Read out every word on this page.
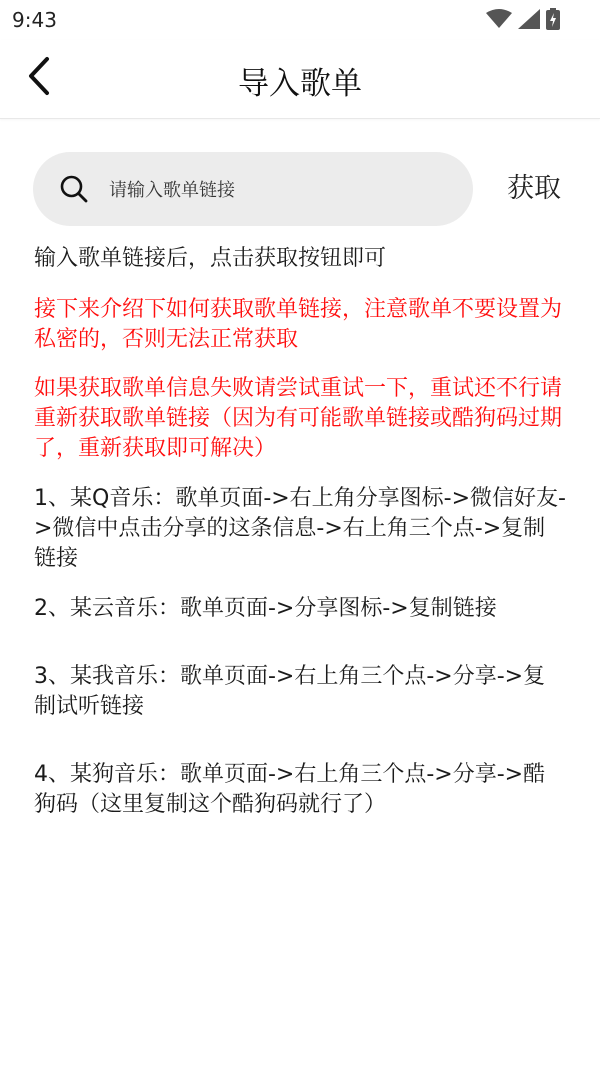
9:43
导入歌单
请输入歌单链接
获取

输入歌单链接后，点击获取按钮即可

接下来介绍下如何获取歌单链接，注意歌单不要设置为私密的，否则无法正常获取

如果获取歌单信息失败请尝试重试一下，重试还不行请重新获取歌单链接（因为有可能歌单链接或酷狗码过期了，重新获取即可解决）

1、某Q音乐：歌单页面->右上角分享图标->微信好友->微信中点击分享的这条信息->右上角三个点->复制链接

2、某云音乐：歌单页面->分享图标->复制链接

3、某我音乐：歌单页面->右上角三个点->分享->复制试听链接

4、某狗音乐：歌单页面->右上角三个点->分享->酷狗码（这里复制这个酷狗码就行了）
